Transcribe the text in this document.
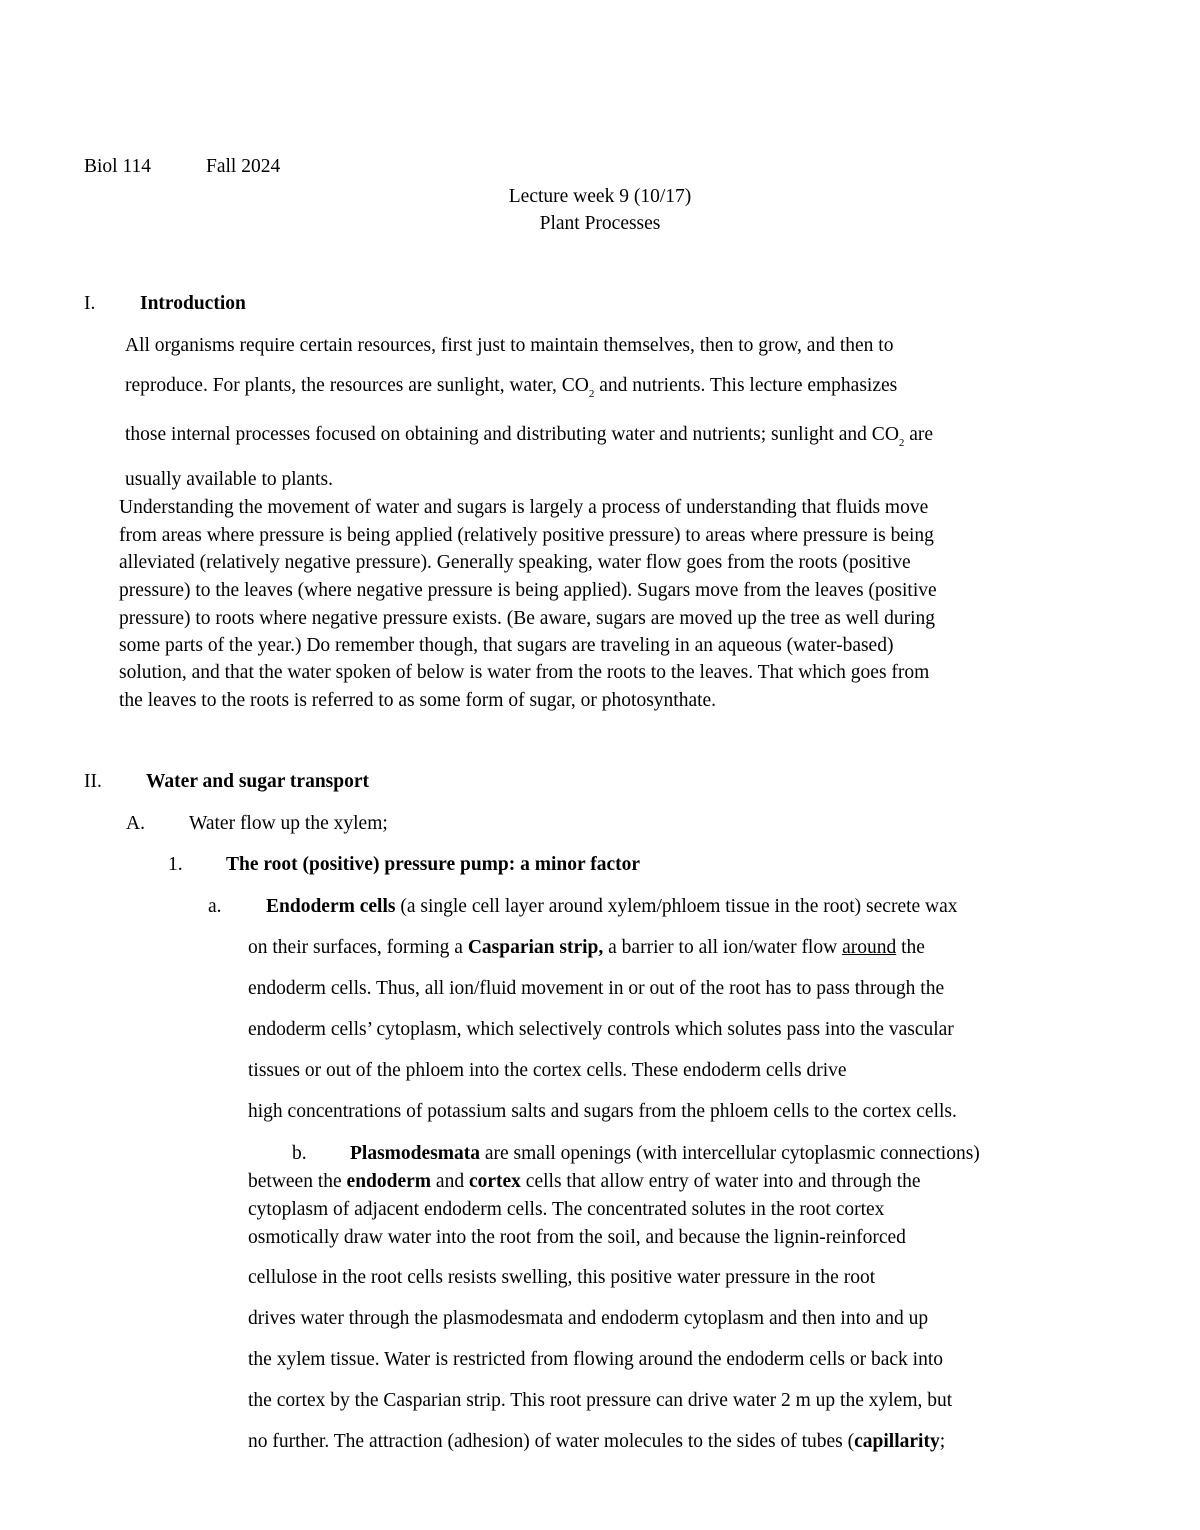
Biol 114	Fall 2024
Lecture week 9 (10/17)
Plant Processes
I. Introduction
All organisms require certain resources, first just to maintain themselves, then to grow, and then to
reproduce. For plants, the resources are sunlight, water, $CO_2$ and nutrients. This lecture emphasizes
those internal processes focused on obtaining and distributing water and nutrients; sunlight and $CO_2$ are
usually available to plants.
Understanding the movement of water and sugars is largely a process of understanding that fluids move
from areas where pressure is being applied (relatively positive pressure) to areas where pressure is being
alleviated (relatively negative pressure). Generally speaking, water flow goes from the roots (positive
pressure) to the leaves (where negative pressure is being applied). Sugars move from the leaves (positive
pressure) to roots where negative pressure exists. (Be aware, sugars are moved up the tree as well during
some parts of the year.) Do remember though, that sugars are traveling in an aqueous (water-based)
solution, and that the water spoken of below is water from the roots to the leaves. That which goes from
the leaves to the roots is referred to as some form of sugar, or photosynthate.
II. Water and sugar transport
A. Water flow up the xylem;
1. The root (positive) pressure pump: a minor factor
a. Endoderm cells (a single cell layer around xylem/phloem tissue in the root) secrete wax
on their surfaces, forming a Casparian strip, a barrier to all ion/water flow around the
endoderm cells. Thus, all ion/fluid movement in or out of the root has to pass through the
endoderm cells’ cytoplasm, which selectively controls which solutes pass into the vascular
tissues or out of the phloem into the cortex cells. These endoderm cells drive
high concentrations of potassium salts and sugars from the phloem cells to the cortex cells.
b. Plasmodesmata are small openings (with intercellular cytoplasmic connections)
between the endoderm and cortex cells that allow entry of water into and through the
cytoplasm of adjacent endoderm cells. The concentrated solutes in the root cortex
osmotically draw water into the root from the soil, and because the lignin-reinforced
cellulose in the root cells resists swelling, this positive water pressure in the root
drives water through the plasmodesmata and endoderm cytoplasm and then into and up
the xylem tissue. Water is restricted from flowing around the endoderm cells or back into
the cortex by the Casparian strip. This root pressure can drive water 2 m up the xylem, but
no further. The attraction (adhesion) of water molecules to the sides of tubes (capillarity;
